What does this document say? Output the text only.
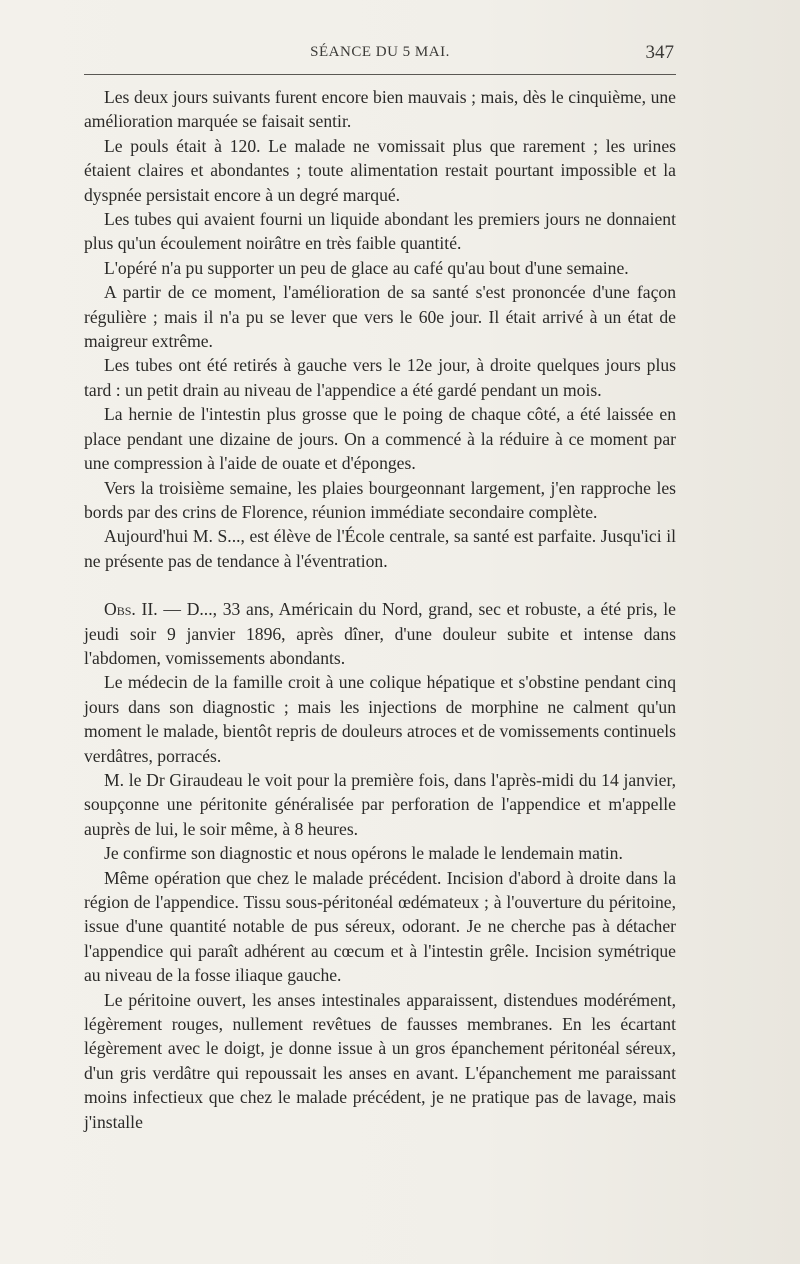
SÉANCE DU 5 MAI.	347

Les deux jours suivants furent encore bien mauvais ; mais, dès le cinquième, une amélioration marquée se faisait sentir.

Le pouls était à 120. Le malade ne vomissait plus que rarement ; les urines étaient claires et abondantes ; toute alimentation restait pourtant impossible et la dyspnée persistait encore à un degré marqué.

Les tubes qui avaient fourni un liquide abondant les premiers jours ne donnaient plus qu'un écoulement noirâtre en très faible quantité.

L'opéré n'a pu supporter un peu de glace au café qu'au bout d'une semaine.

A partir de ce moment, l'amélioration de sa santé s'est prononcée d'une façon régulière ; mais il n'a pu se lever que vers le 60e jour. Il était arrivé à un état de maigreur extrême.

Les tubes ont été retirés à gauche vers le 12e jour, à droite quelques jours plus tard : un petit drain au niveau de l'appendice a été gardé pendant un mois.

La hernie de l'intestin plus grosse que le poing de chaque côté, a été laissée en place pendant une dizaine de jours. On a commencé à la réduire à ce moment par une compression à l'aide de ouate et d'éponges.

Vers la troisième semaine, les plaies bourgeonnant largement, j'en rapproche les bords par des crins de Florence, réunion immédiate secondaire complète.

Aujourd'hui M. S..., est élève de l'École centrale, sa santé est parfaite. Jusqu'ici il ne présente pas de tendance à l'éventration.

Obs. II. — D..., 33 ans, Américain du Nord, grand, sec et robuste, a été pris, le jeudi soir 9 janvier 1896, après dîner, d'une douleur subite et intense dans l'abdomen, vomissements abondants.

Le médecin de la famille croit à une colique hépatique et s'obstine pendant cinq jours dans son diagnostic ; mais les injections de morphine ne calment qu'un moment le malade, bientôt repris de douleurs atroces et de vomissements continuels verdâtres, porracés.

M. le Dr Giraudeau le voit pour la première fois, dans l'après-midi du 14 janvier, soupçonne une péritonite généralisée par perforation de l'appendice et m'appelle auprès de lui, le soir même, à 8 heures.

Je confirme son diagnostic et nous opérons le malade le lendemain matin.

Même opération que chez le malade précédent. Incision d'abord à droite dans la région de l'appendice. Tissu sous-péritonéal œdémateux ; à l'ouverture du péritoine, issue d'une quantité notable de pus séreux, odorant. Je ne cherche pas à détacher l'appendice qui paraît adhérent au cœcum et à l'intestin grêle. Incision symétrique au niveau de la fosse iliaque gauche.

Le péritoine ouvert, les anses intestinales apparaissent, distendues modérément, légèrement rouges, nullement revêtues de fausses membranes. En les écartant légèrement avec le doigt, je donne issue à un gros épanchement péritonéal séreux, d'un gris verdâtre qui repoussait les anses en avant. L'épanchement me paraissant moins infectieux que chez le malade précédent, je ne pratique pas de lavage, mais j'installe
